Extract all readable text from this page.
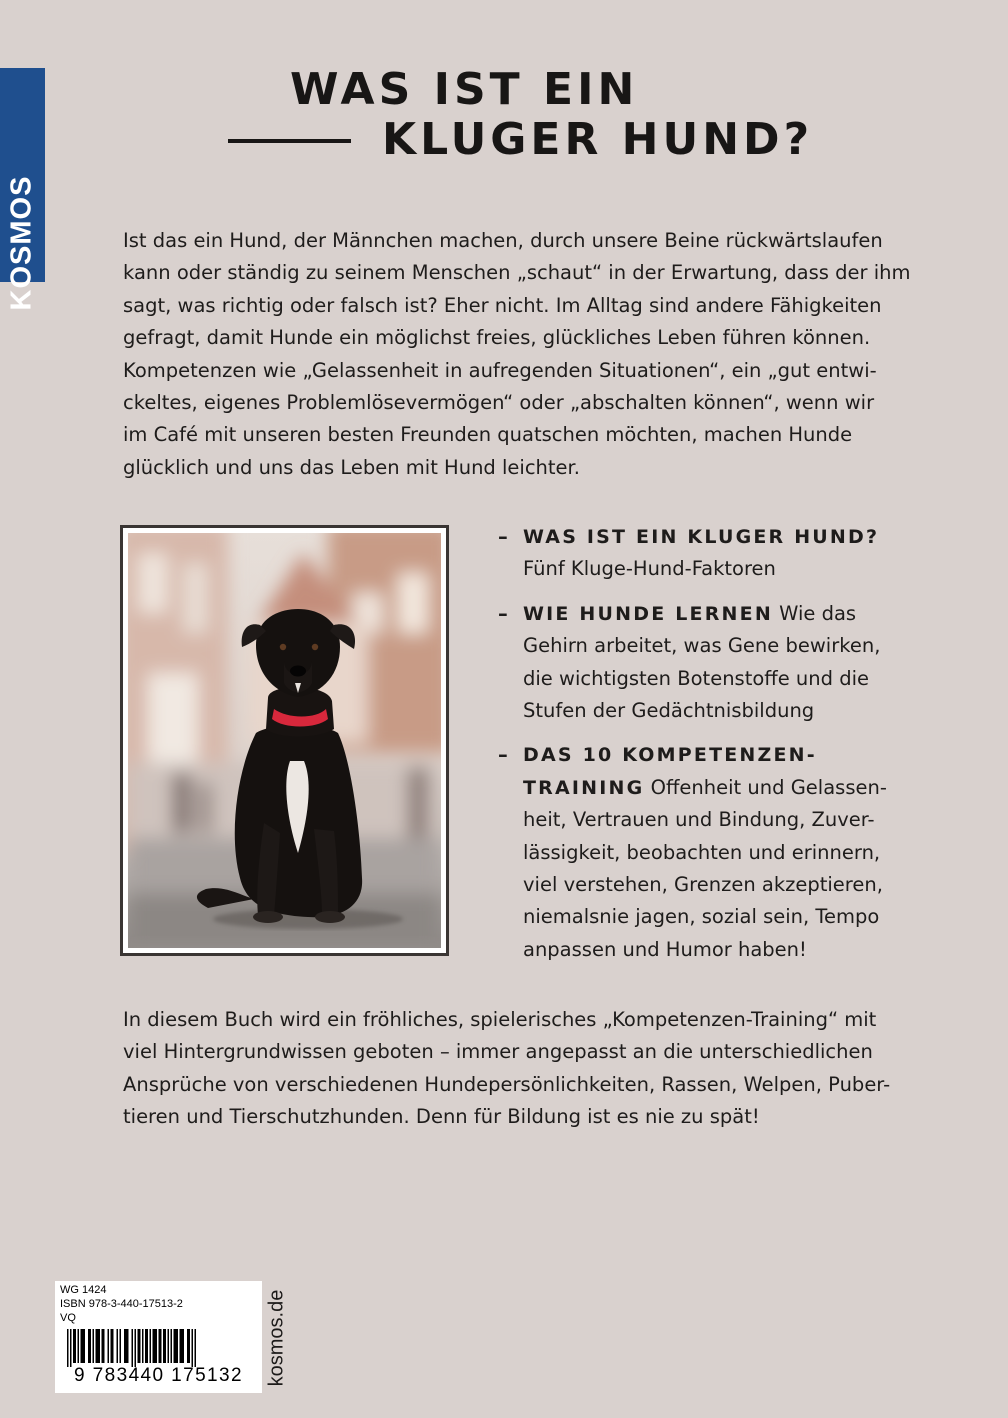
KOSMOS
WAS IST EIN
KLUGER HUND?
Ist das ein Hund, der Männchen machen, durch unsere Beine rückwärtslaufen
kann oder ständig zu seinem Menschen „schaut“ in der Erwartung, dass der ihm
sagt, was richtig oder falsch ist? Eher nicht. Im Alltag sind andere Fähigkeiten
gefragt, damit Hunde ein möglichst freies, glückliches Leben führen können.
Kompetenzen wie „Gelassenheit in aufregenden Situationen“, ein „gut entwi-
ckeltes, eigenes Problemlösevermögen“ oder „abschalten können“, wenn wir
im Café mit unseren besten Freunden quatschen möchten, machen Hunde
glücklich und uns das Leben mit Hund leichter.
– WAS IST EIN KLUGER HUND?
Fünf Kluge-Hund-Faktoren
– WIE HUNDE LERNEN Wie das
Gehirn arbeitet, was Gene bewirken,
die wichtigsten Botenstoffe und die
Stufen der Gedächtnisbildung
– DAS 10 KOMPETENZEN-
TRAINING Offenheit und Gelassen-
heit, Vertrauen und Bindung, Zuver-
lässigkeit, beobachten und erinnern,
viel verstehen, Grenzen akzeptieren,
niemalsnie jagen, sozial sein, Tempo
anpassen und Humor haben!
In diesem Buch wird ein fröhliches, spielerisches „Kompetenzen-Training“ mit
viel Hintergrundwissen geboten – immer angepasst an die unterschiedlichen
Ansprüche von verschiedenen Hundepersönlichkeiten, Rassen, Welpen, Puber-
tieren und Tierschutzhunden. Denn für Bildung ist es nie zu spät!
WG 1424
ISBN 978-3-440-17513-2
VQ
9 783440 175132	kosmos.de
